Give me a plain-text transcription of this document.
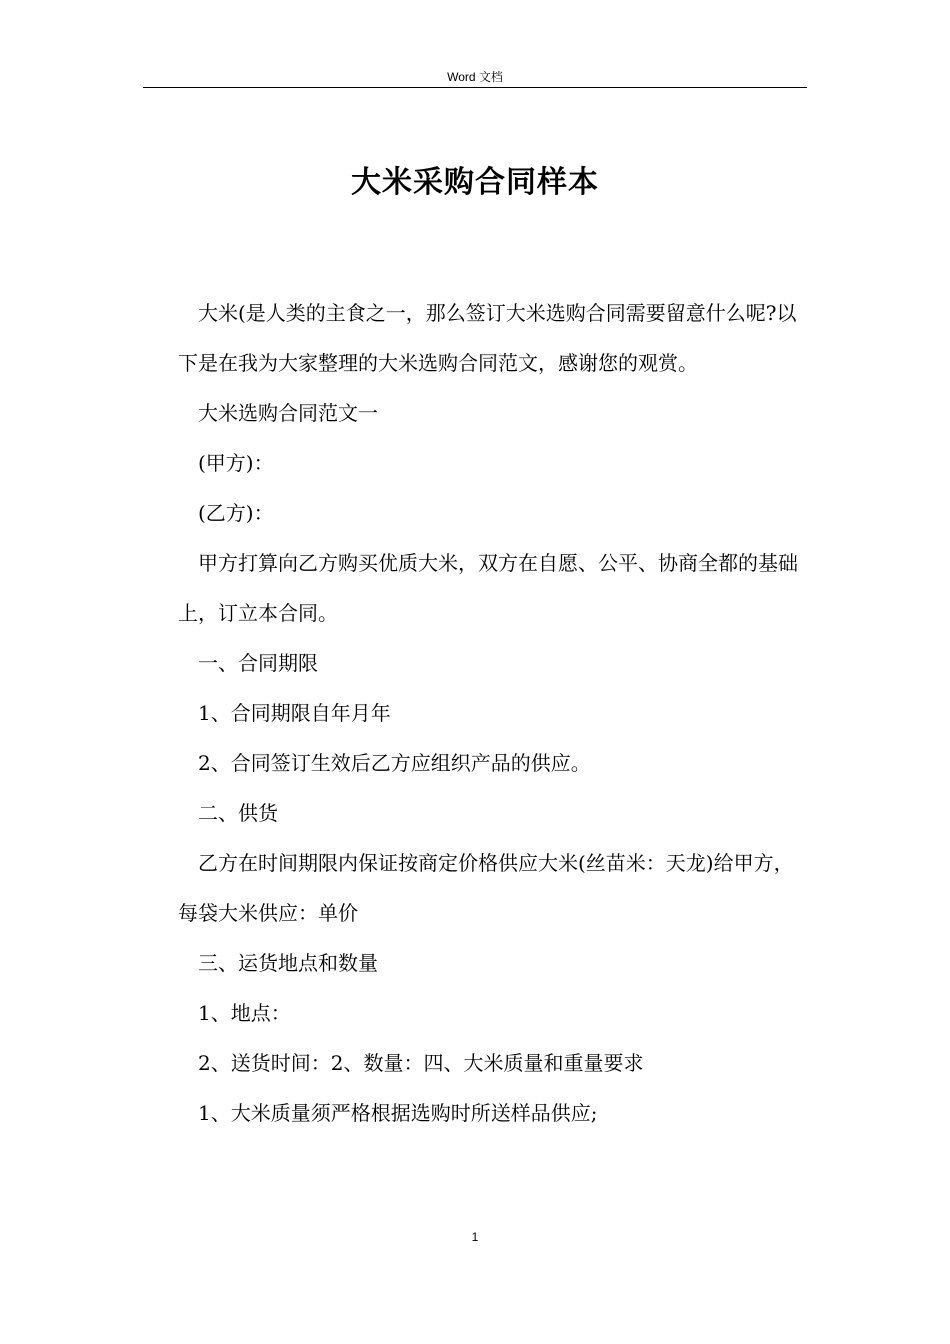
Word 文档
大米采购合同样本

大米(是人类的主食之一，那么签订大米选购合同需要留意什么呢?以下是在我为大家整理的大米选购合同范文，感谢您的观赏。

大米选购合同范文一

(甲方)：

(乙方)：

甲方打算向乙方购买优质大米，双方在自愿、公平、协商全都的基础上，订立本合同。

一、合同期限

1、合同期限自年月年

2、合同签订生效后乙方应组织产品的供应。

二、供货

乙方在时间期限内保证按商定价格供应大米(丝苗米：天龙)给甲方，每袋大米供应：单价

三、运货地点和数量

1、地点：

2、送货时间：2、数量：四、大米质量和重量要求

1、大米质量须严格根据选购时所送样品供应;

1
